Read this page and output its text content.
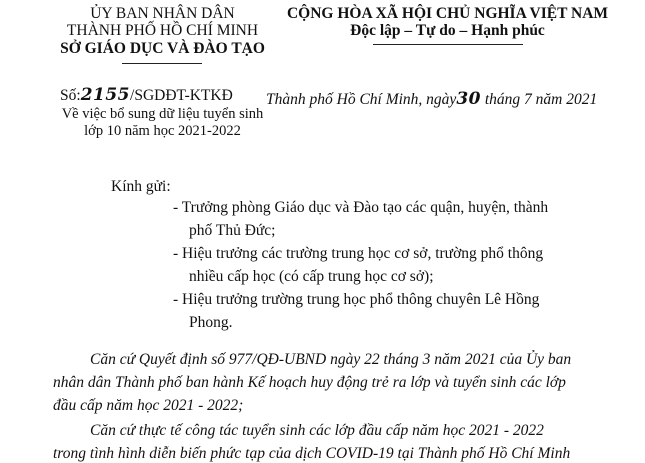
ỦY BAN NHÂN DÂN
THÀNH PHỐ HỒ CHÍ MINH
SỞ GIÁO DỤC VÀ ĐÀO TẠO
CỘNG HÒA XÃ HỘI CHỦ NGHĨA VIỆT NAM
Độc lập – Tự do – Hạnh phúc
Số:2155/SGDĐT-KTKĐ
Về việc bổ sung dữ liệu tuyển sinh
lớp 10 năm học 2021-2022
Thành phố Hồ Chí Minh, ngày30 tháng 7 năm 2021
Kính gửi:
- Trưởng phòng Giáo dục và Đào tạo các quận, huyện, thành
phố Thủ Đức;
- Hiệu trưởng các trường trung học cơ sở, trường phổ thông
nhiều cấp học (có cấp trung học cơ sở);
- Hiệu trưởng trường trung học phổ thông chuyên Lê Hồng
Phong.
Căn cứ Quyết định số 977/QĐ-UBND ngày 22 tháng 3 năm 2021 của Ủy ban
nhân dân Thành phố ban hành Kế hoạch huy động trẻ ra lớp và tuyển sinh các lớp
đầu cấp năm học 2021 - 2022;
Căn cứ thực tế công tác tuyển sinh các lớp đầu cấp năm học 2021 - 2022
trong tình hình diễn biến phức tạp của dịch COVID-19 tại Thành phố Hồ Chí Minh
